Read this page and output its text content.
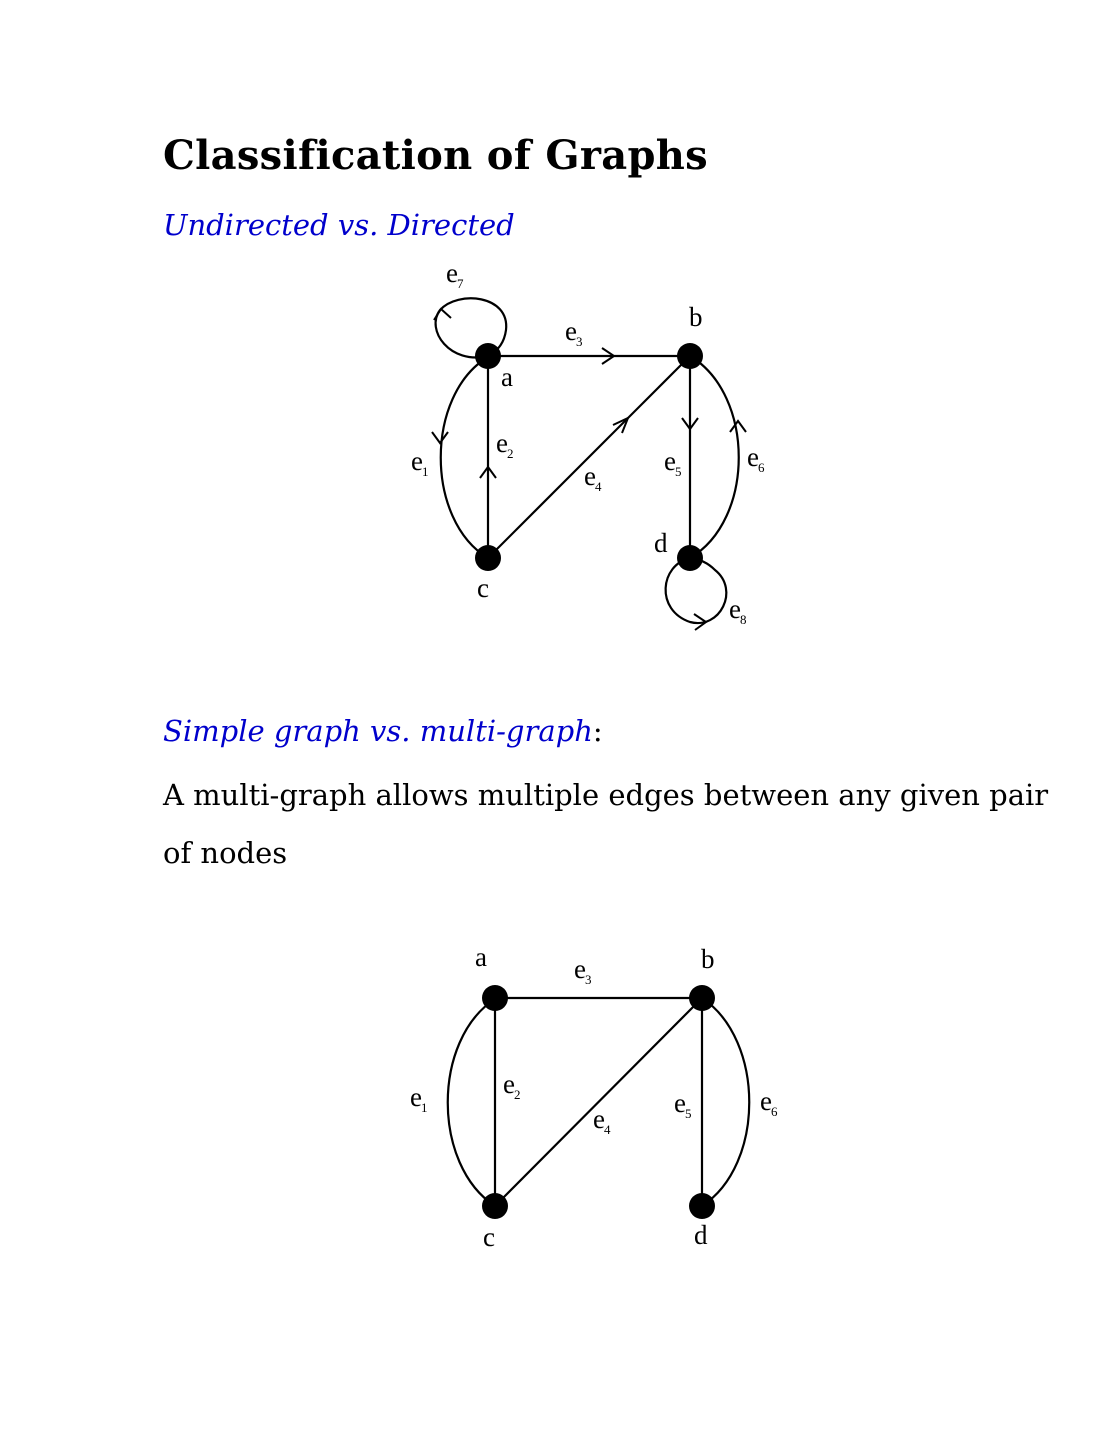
Classification of Graphs

Undirected vs. Directed

a
b
c
d
e1
e2
e3
e4
e5 e6
e7
e8

Simple graph vs. multi-graph:

A multi-graph allows multiple edges between any given pair of nodes

a	b
c	d
e1
e2
e3
e4
e5	e6
